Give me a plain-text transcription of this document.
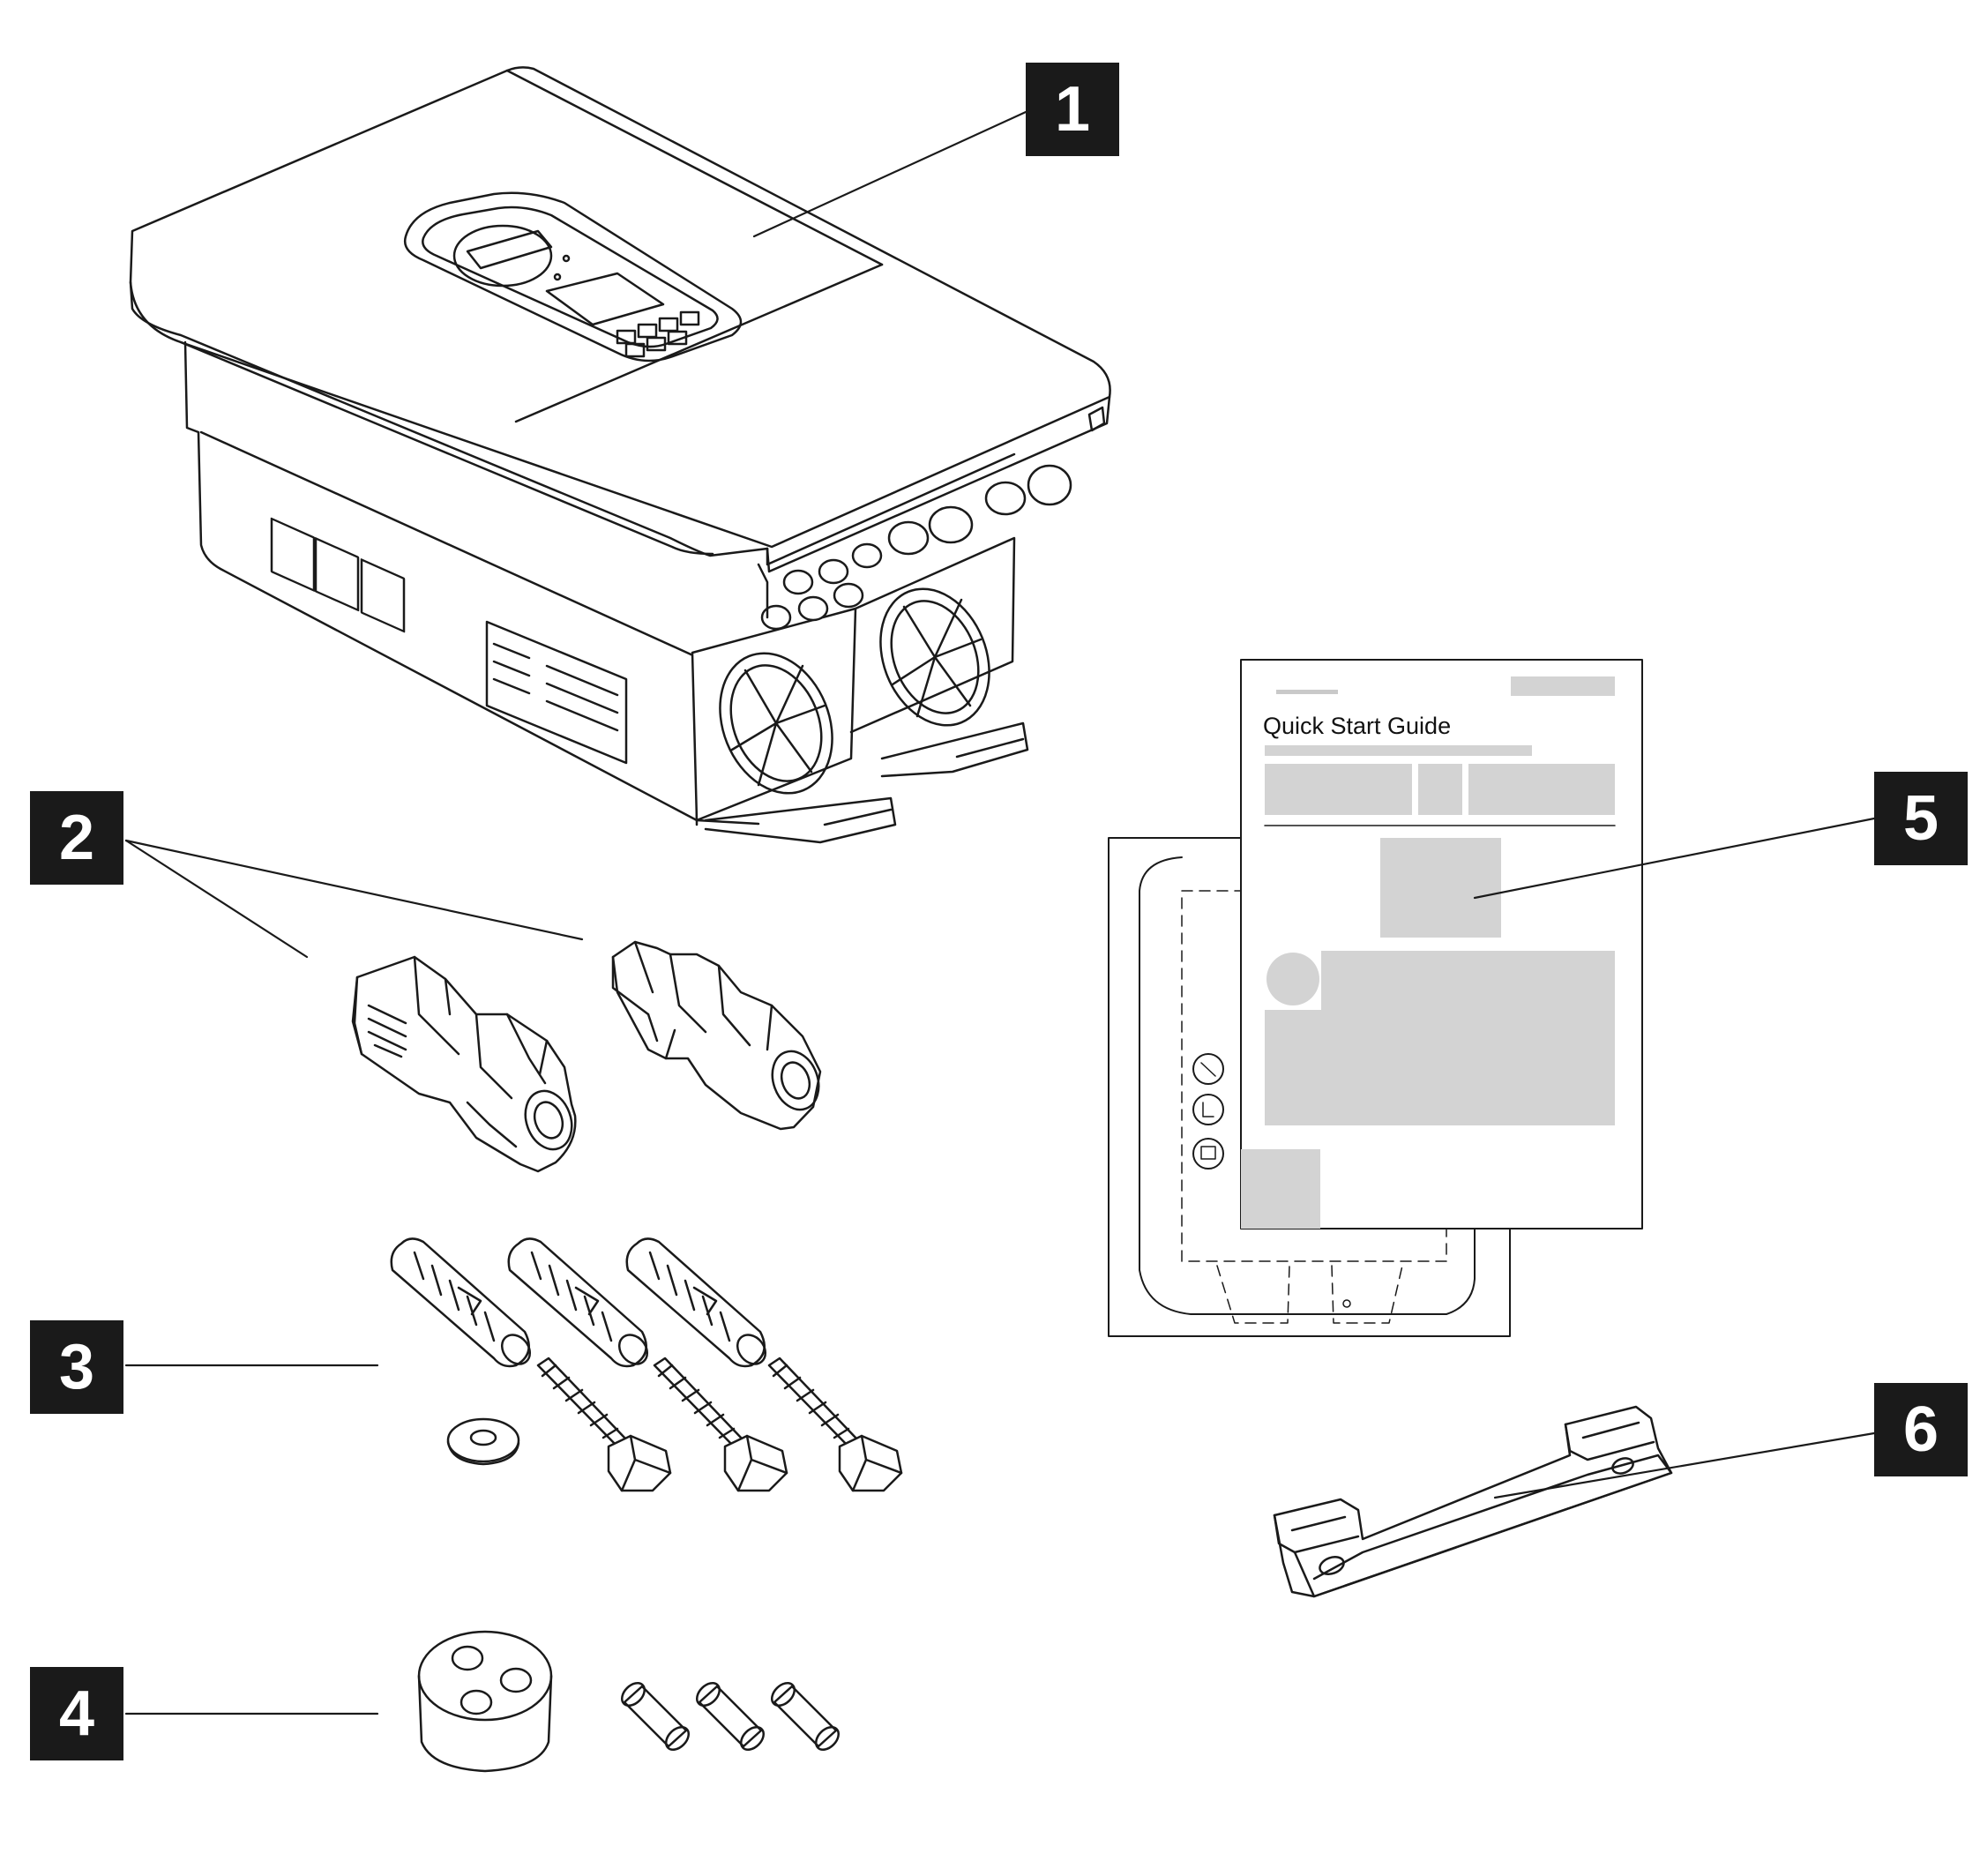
Quick Start Guide
1
2
3
4
5
6
